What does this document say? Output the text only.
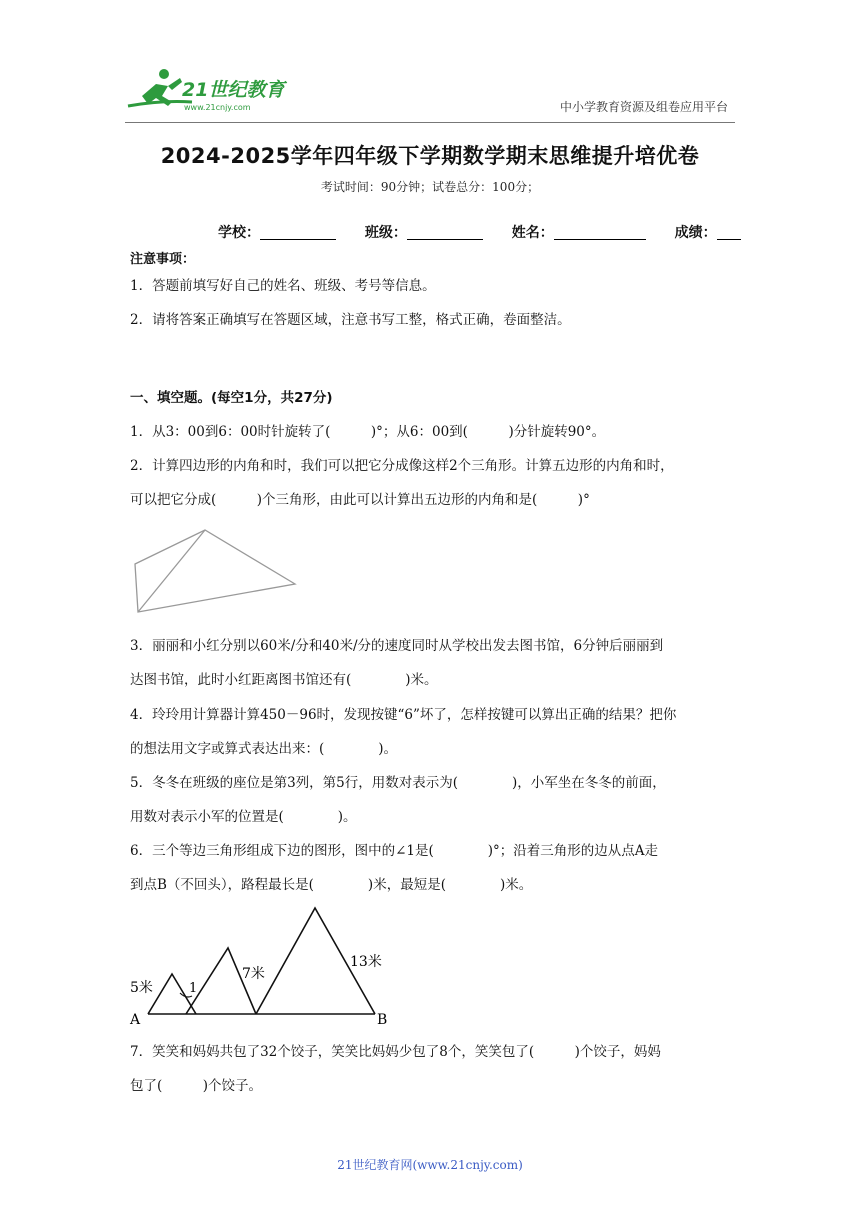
21世纪教育
www.21cnjy.com	中小学教育资源及组卷应用平台
2024-2025学年四年级下学期数学期末思维提升培优卷
考试时间：90分钟；试卷总分：100分；
学校：	班级：	姓名：	成绩：
注意事项：
1．答题前填写好自己的姓名、班级、考号等信息。
2．请将答案正确填写在答题区域，注意书写工整，格式正确，卷面整洁。
一、填空题。(每空1分，共27分)
1．从3：00到6：00时针旋转了(　　　)°；从6：00到(　　　)分针旋转90°。
2．计算四边形的内角和时，我们可以把它分成像这样2个三角形。计算五边形的内角和时，
可以把它分成(　　　)个三角形，由此可以计算出五边形的内角和是(　　　)°
3．丽丽和小红分别以60米/分和40米/分的速度同时从学校出发去图书馆，6分钟后丽丽到
达图书馆，此时小红距离图书馆还有(　　　　)米。
4．玲玲用计算器计算450－96时，发现按键“6”坏了，怎样按键可以算出正确的结果？把你
的想法用文字或算式表达出来：(　　　　)。
5．冬冬在班级的座位是第3列，第5行，用数对表示为(　　　　)，小军坐在冬冬的前面，
用数对表示小军的位置是(　　　　)。
6．三个等边三角形组成下边的图形，图中的∠1是(　　　　)°；沿着三角形的边从点A走
到点B（不回头），路程最长是(　　　　)米，最短是(　　　　)米。
5米
7米
13米
1
A	B
7．笑笑和妈妈共包了32个饺子，笑笑比妈妈少包了8个，笑笑包了(　　　)个饺子，妈妈
包了(　　　)个饺子。
21世纪教育网(www.21cnjy.com)
